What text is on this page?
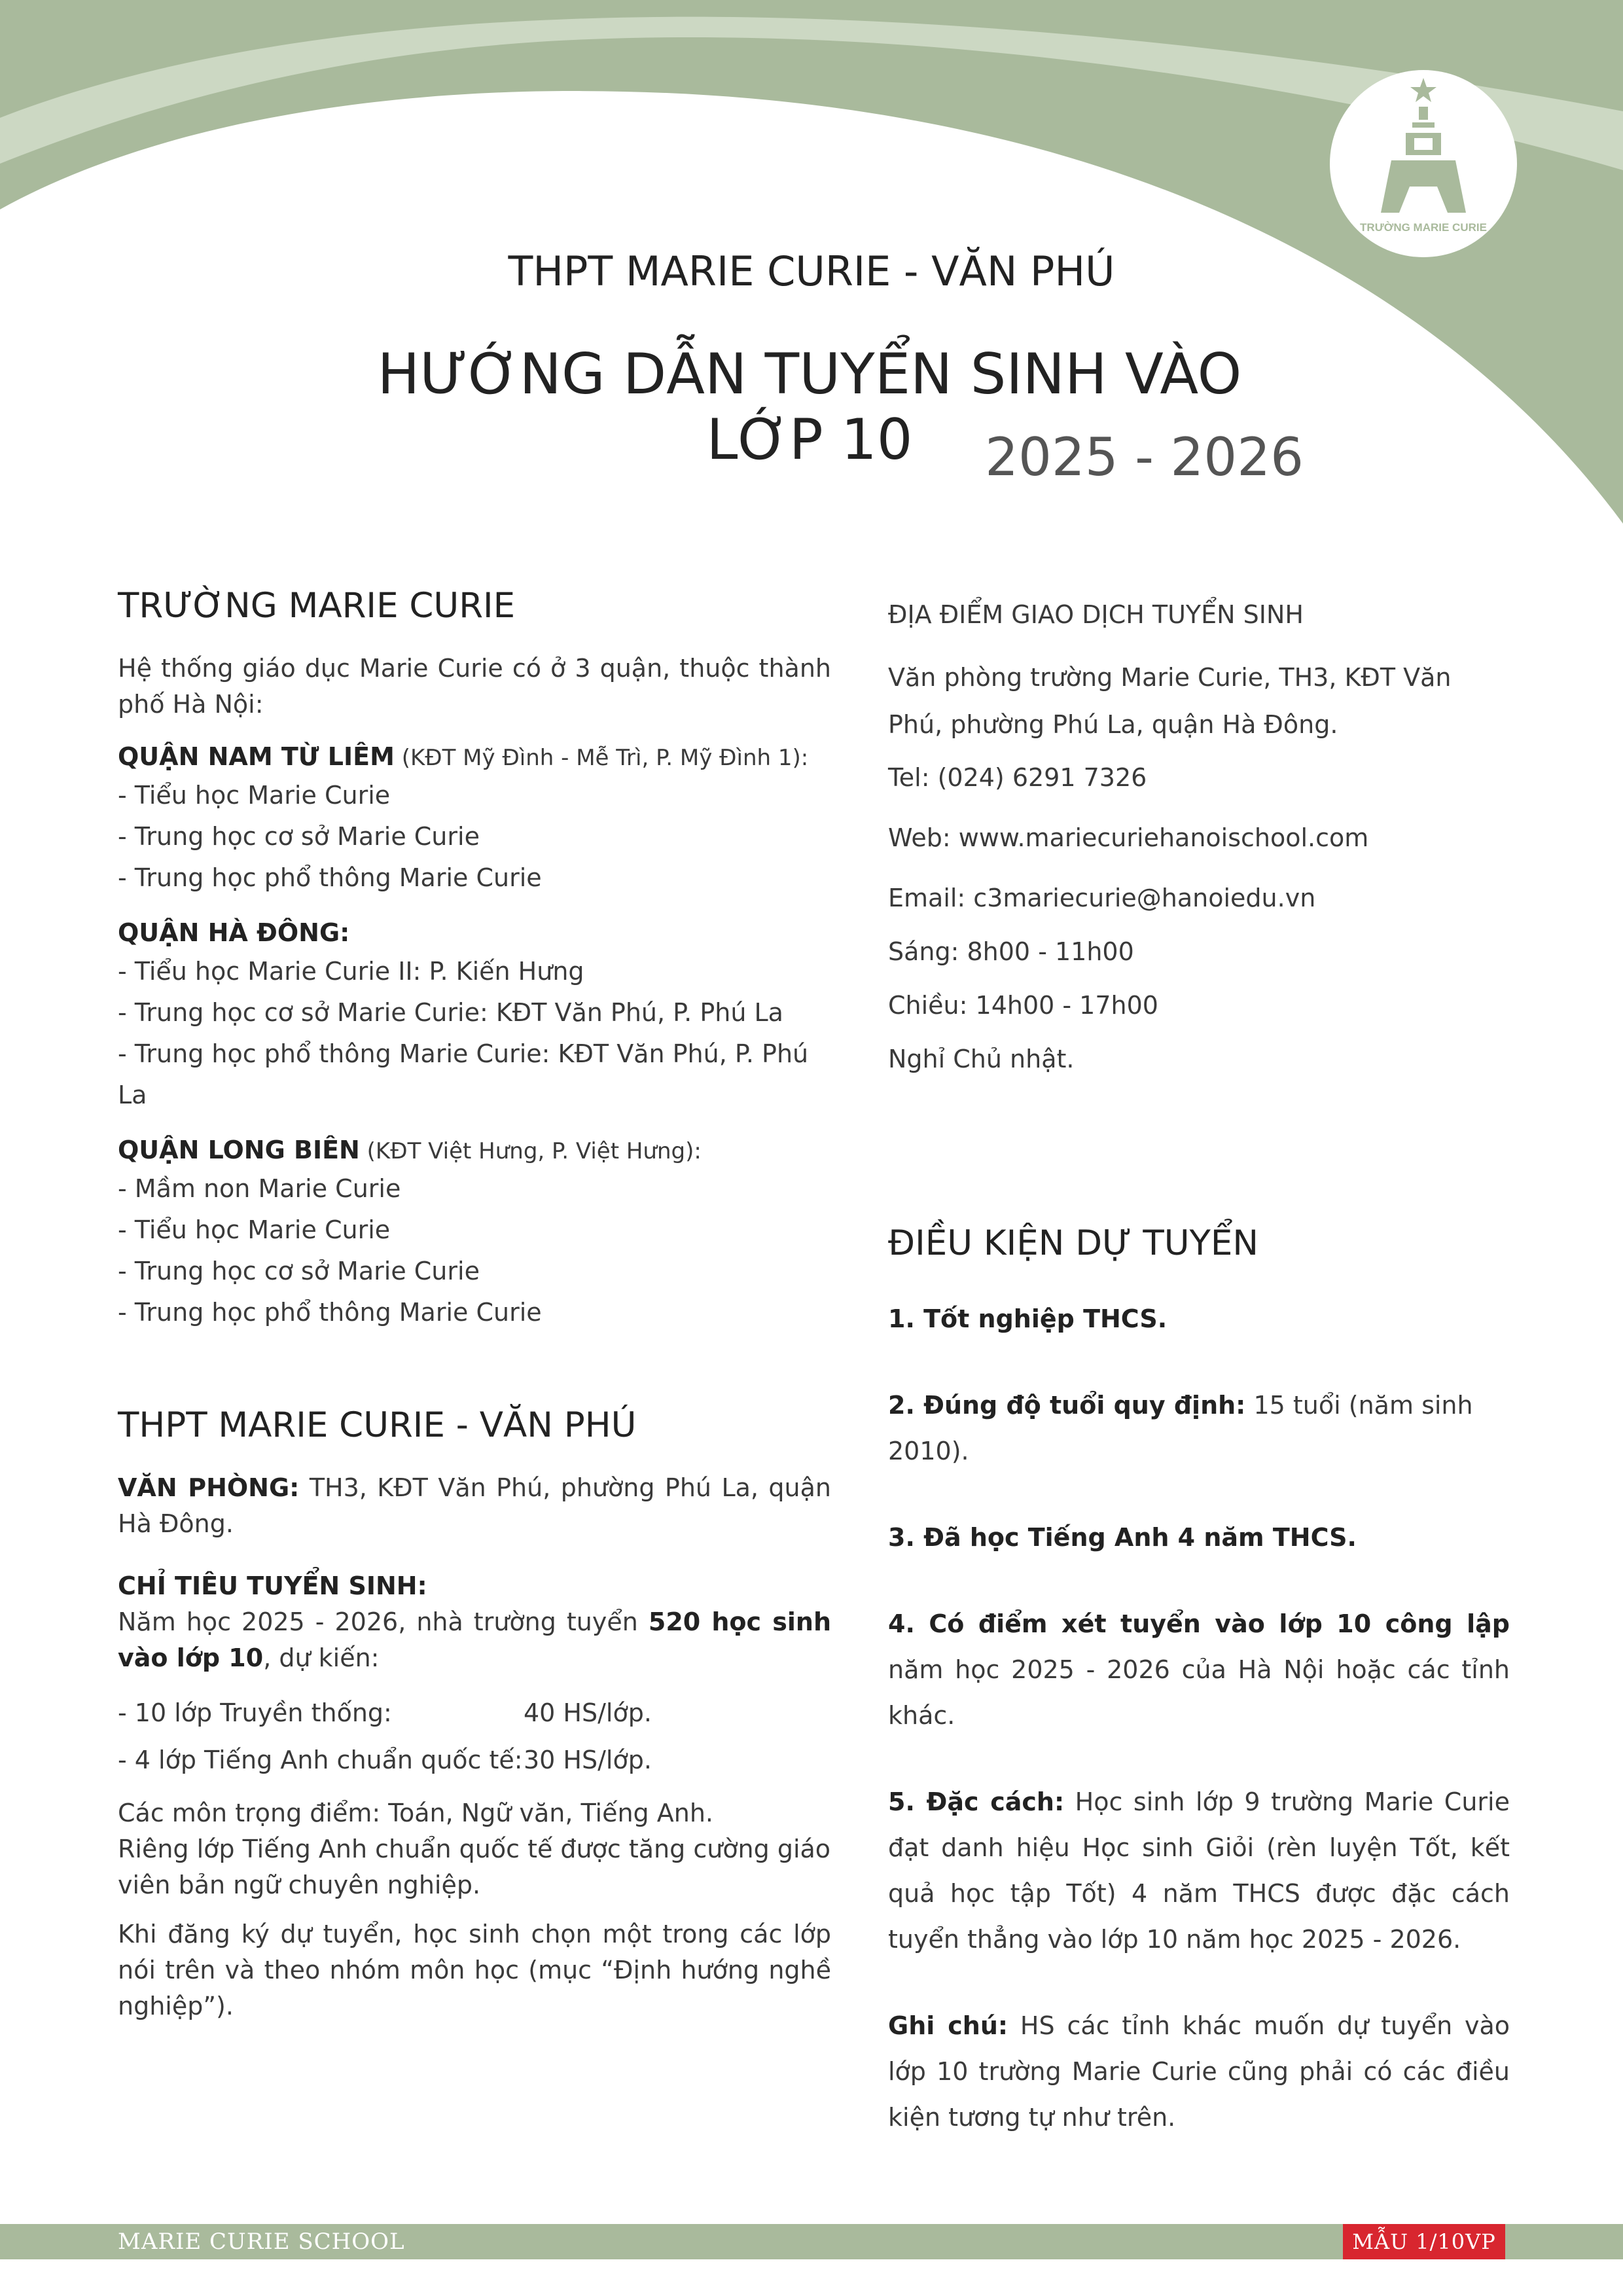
TRƯỜNG MARIE CURIE
THPT MARIE CURIE - VĂN PHÚ
HƯỚNG DẪN TUYỂN SINH VÀO LỚP 10	2025 - 2026
TRƯỜNG MARIE CURIE

Hệ thống giáo dục Marie Curie có ở 3 quận, thuộc thành phố Hà Nội:

QUẬN NAM TỪ LIÊM (KĐT Mỹ Đình - Mễ Trì, P. Mỹ Đình 1):

- Tiểu học Marie Curie
- Trung học cơ sở Marie Curie
- Trung học phổ thông Marie Curie

QUẬN HÀ ĐÔNG:

- Tiểu học Marie Curie II: P. Kiến Hưng
- Trung học cơ sở Marie Curie: KĐT Văn Phú, P. Phú La
- Trung học phổ thông Marie Curie: KĐT Văn Phú, P. Phú La

QUẬN LONG BIÊN (KĐT Việt Hưng, P. Việt Hưng):

- Mầm non Marie Curie
- Tiểu học Marie Curie
- Trung học cơ sở Marie Curie
- Trung học phổ thông Marie Curie
THPT MARIE CURIE - VĂN PHÚ

VĂN PHÒNG: TH3, KĐT Văn Phú, phường Phú La, quận Hà Đông.

CHỈ TIÊU TUYỂN SINH:

Năm học 2025 - 2026, nhà trường tuyển 520 học sinh vào lớp 10, dự kiến:

- 10 lớp Truyền thống:	40 HS/lớp.
- 4 lớp Tiếng Anh chuẩn quốc tế: 30 HS/lớp.

Các môn trọng điểm: Toán, Ngữ văn, Tiếng Anh.

Riêng lớp Tiếng Anh chuẩn quốc tế được tăng cường giáo viên bản ngữ chuyên nghiệp.

Khi đăng ký dự tuyển, học sinh chọn một trong các lớp nói trên và theo nhóm môn học (mục “Định hướng nghề nghiệp”).

ĐỊA ĐIỂM GIAO DỊCH TUYỂN SINH

Văn phòng trường Marie Curie, TH3, KĐT Văn Phú, phường Phú La, quận Hà Đông.

Tel: (024) 6291 7326

Web: www.mariecuriehanoischool.com

Email: c3mariecurie@hanoiedu.vn

Sáng: 8h00 - 11h00

Chiều: 14h00 - 17h00

Nghỉ Chủ nhật.

ĐIỀU KIỆN DỰ TUYỂN

1. Tốt nghiệp THCS.

2. Đúng độ tuổi quy định: 15 tuổi (năm sinh 2010).

3. Đã học Tiếng Anh 4 năm THCS.

4. Có điểm xét tuyển vào lớp 10 công lập năm học 2025 - 2026 của Hà Nội hoặc các tỉnh khác.

5. Đặc cách: Học sinh lớp 9 trường Marie Curie đạt danh hiệu Học sinh Giỏi (rèn luyện Tốt, kết quả học tập Tốt) 4 năm THCS được đặc cách tuyển thẳng vào lớp 10 năm học 2025 - 2026.

Ghi chú: HS các tỉnh khác muốn dự tuyển vào lớp 10 trường Marie Curie cũng phải có các điều kiện tương tự như trên.

MARIE CURIE SCHOOL	MẪU 1/10VP
